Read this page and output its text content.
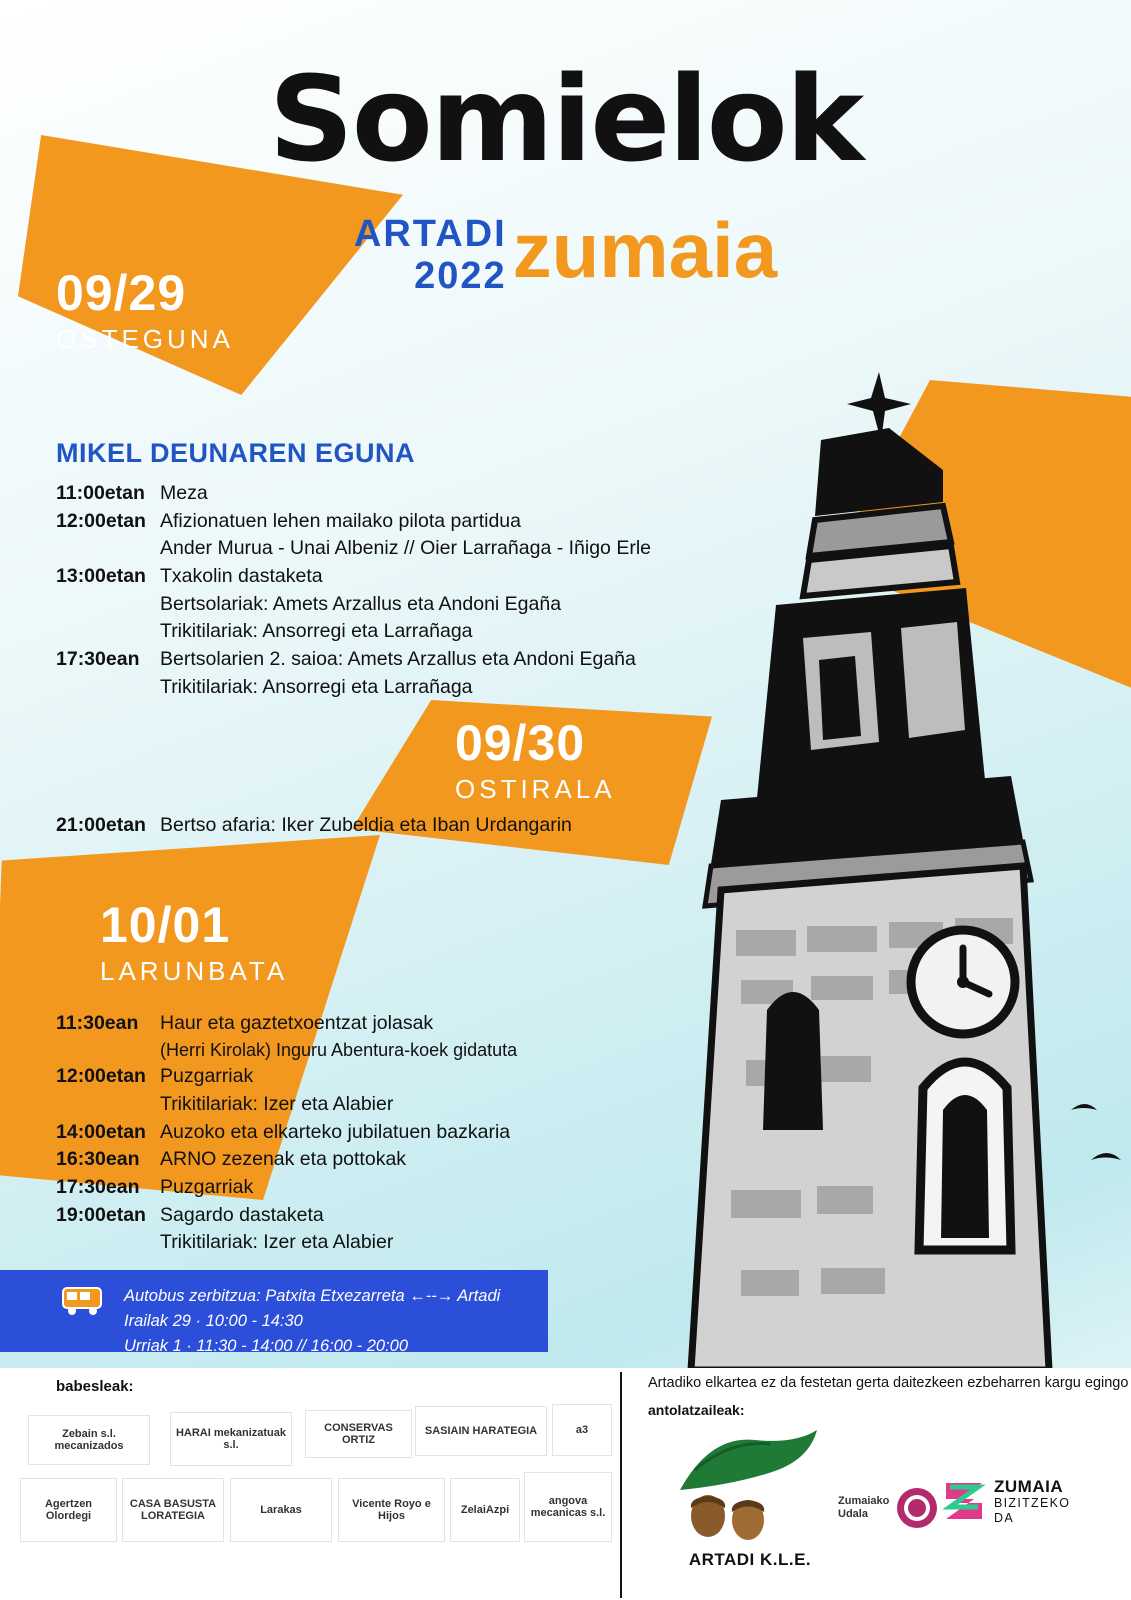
Somielok
ARTADI
2022 zumaia
09/29
OSTEGUNA
09/30
OSTIRALA
10/01
LARUNBATA
MIKEL DEUNAREN EGUNA
11:00etan Meza
12:00etan Afizionatuen lehen mailako pilota partidua
Ander Murua - Unai Albeniz // Oier Larrañaga - Iñigo Erle
13:00etan Txakolin dastaketa
Bertsolariak: Amets Arzallus eta Andoni Egaña
Trikitilariak: Ansorregi eta Larrañaga
17:30ean	Bertsolarien 2. saioa: Amets Arzallus eta Andoni Egaña
Trikitilariak: Ansorregi eta Larrañaga
21:00etan Bertso afaria: Iker Zubeldia eta Iban Urdangarin
11:30ean	Haur eta gaztetxoentzat jolasak
(Herri Kirolak) Inguru Abentura-koek gidatuta
12:00etan Puzgarriak
Trikitilariak: Izer eta Alabier
14:00etan Auzoko eta elkarteko jubilatuen bazkaria
16:30ean	ARNO zezenak eta pottokak
17:30ean	Puzgarriak
19:00etan Sagardo dastaketa
Trikitilariak: Izer eta Alabier
Autobus zerbitzua: Patxita Etxezarreta ←--→ Artadi
Irailak 29 · 10:00 - 14:30
Urriak 1 · 11:30 - 14:00 // 16:00 - 20:00
babesleak:	Artadiko elkartea ez da festetan gerta daitezkeen ezbeharren kargu egingo
antolatzaileak:
ARTADI K.L.E.
Zumaiako
Udala
ZUMAIA
BIZITZEKO
DA
Zebain s.l. mecanizados
HARAI mekanizatuak s.l.
CONSERVAS ORTIZ
SASIAIN HARATEGIA	a3
Agertzen Olordegi
CASA BASUSTA LORATEGIA
Larakas
Vicente Royo e Hijos
ZelaiAzpi
angova mecanicas s.l.
